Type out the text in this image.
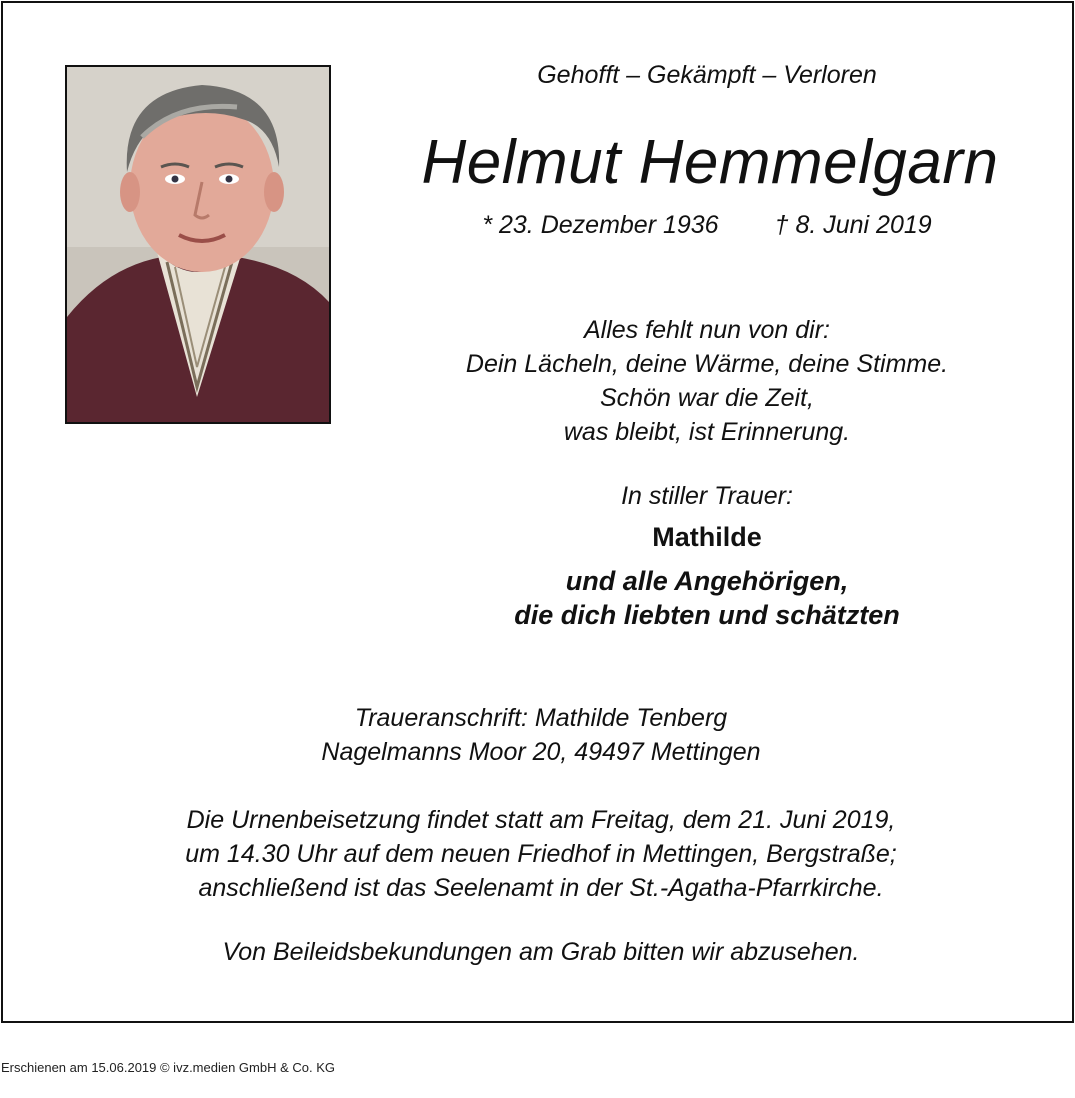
Gehofft – Gekämpft – Verloren
Helmut Hemmelgarn
* 23. Dezember 1936 † 8. Juni 2019
Alles fehlt nun von dir:
Dein Lächeln, deine Wärme, deine Stimme.
Schön war die Zeit,
was bleibt, ist Erinnerung.
In stiller Trauer:
Mathilde
und alle Angehörigen,
die dich liebten und schätzten
Traueranschrift: Mathilde Tenberg
Nagelmanns Moor 20, 49497 Mettingen
Die Urnenbeisetzung findet statt am Freitag, dem 21. Juni 2019,
um 14.30 Uhr auf dem neuen Friedhof in Mettingen, Bergstraße;
anschließend ist das Seelenamt in der St.-Agatha-Pfarrkirche.
Von Beileidsbekundungen am Grab bitten wir abzusehen.
Erschienen am 15.06.2019 © ivz.medien GmbH & Co. KG
